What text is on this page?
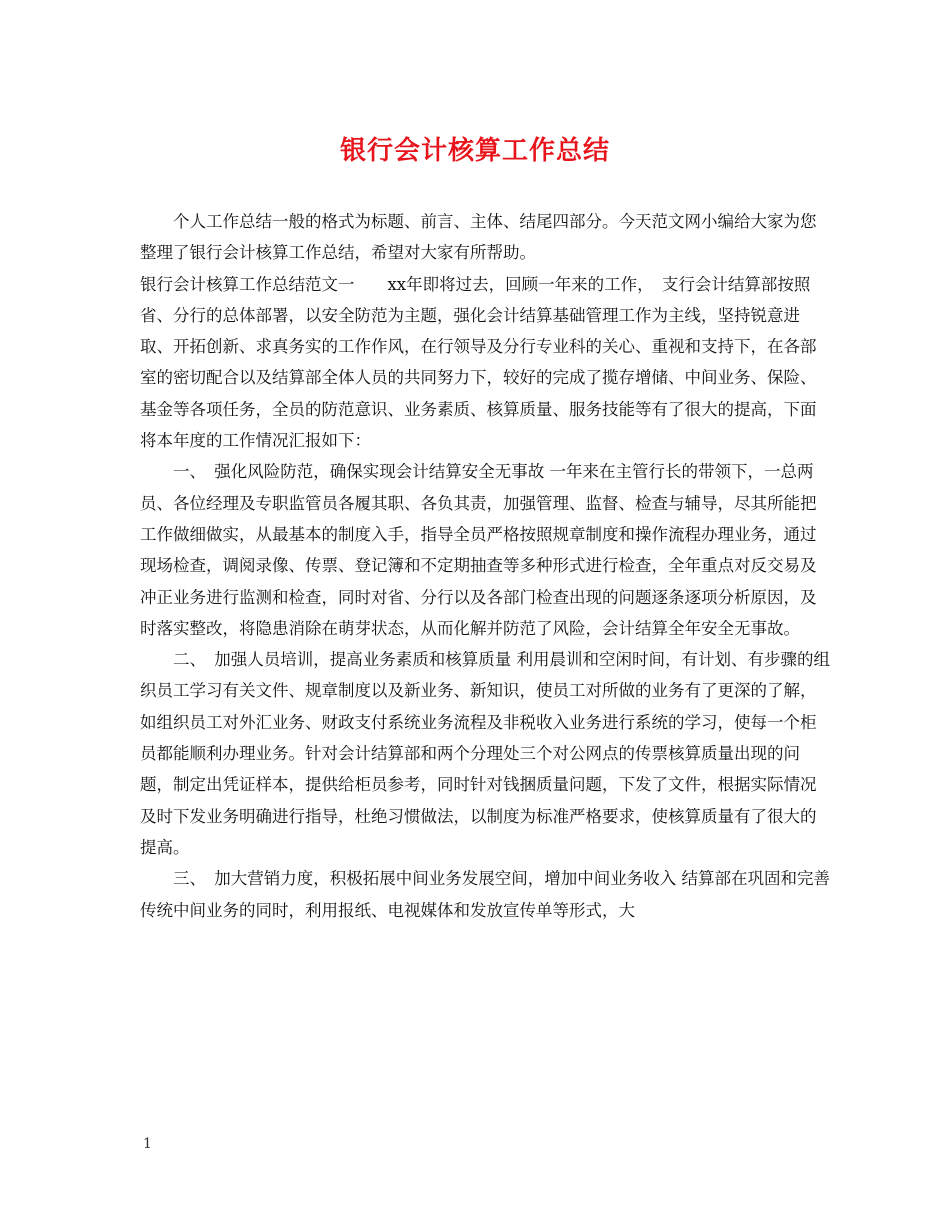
银行会计核算工作总结

个人工作总结一般的格式为标题、前言、主体、结尾四部分。今天范文网小编给大家为您整理了银行会计核算工作总结，希望对大家有所帮助。

银行会计核算工作总结范文一　　xx年即将过去，回顾一年来的工作，　支行会计结算部按照省、分行的总体部署，以安全防范为主题，强化会计结算基础管理工作为主线，坚持锐意进取、开拓创新、求真务实的工作作风，在行领导及分行专业科的关心、重视和支持下，在各部室的密切配合以及结算部全体人员的共同努力下，较好的完成了揽存增储、中间业务、保险、基金等各项任务，全员的防范意识、业务素质、核算质量、服务技能等有了很大的提高，下面将本年度的工作情况汇报如下：

一、　强化风险防范，确保实现会计结算安全无事故 一年来在主管行长的带领下，一总两员、各位经理及专职监管员各履其职、各负其责，加强管理、监督、检查与辅导，尽其所能把工作做细做实，从最基本的制度入手，指导全员严格按照规章制度和操作流程办理业务，通过现场检查，调阅录像、传票、登记簿和不定期抽查等多种形式进行检查，全年重点对反交易及冲正业务进行监测和检查，同时对省、分行以及各部门检查出现的问题逐条逐项分析原因，及时落实整改，将隐患消除在萌芽状态，从而化解并防范了风险，会计结算全年安全无事故。

二、　加强人员培训，提高业务素质和核算质量 利用晨训和空闲时间，有计划、有步骤的组织员工学习有关文件、规章制度以及新业务、新知识，使员工对所做的业务有了更深的了解，如组织员工对外汇业务、财政支付系统业务流程及非税收入业务进行系统的学习，使每一个柜员都能顺利办理业务。针对会计结算部和两个分理处三个对公网点的传票核算质量出现的问题，制定出凭证样本，提供给柜员参考，同时针对钱捆质量问题，下发了文件，根据实际情况及时下发业务明确进行指导，杜绝习惯做法，以制度为标准严格要求，使核算质量有了很大的提高。

三、　加大营销力度，积极拓展中间业务发展空间，增加中间业务收入 结算部在巩固和完善传统中间业务的同时，利用报纸、电视媒体和发放宣传单等形式，大

1
